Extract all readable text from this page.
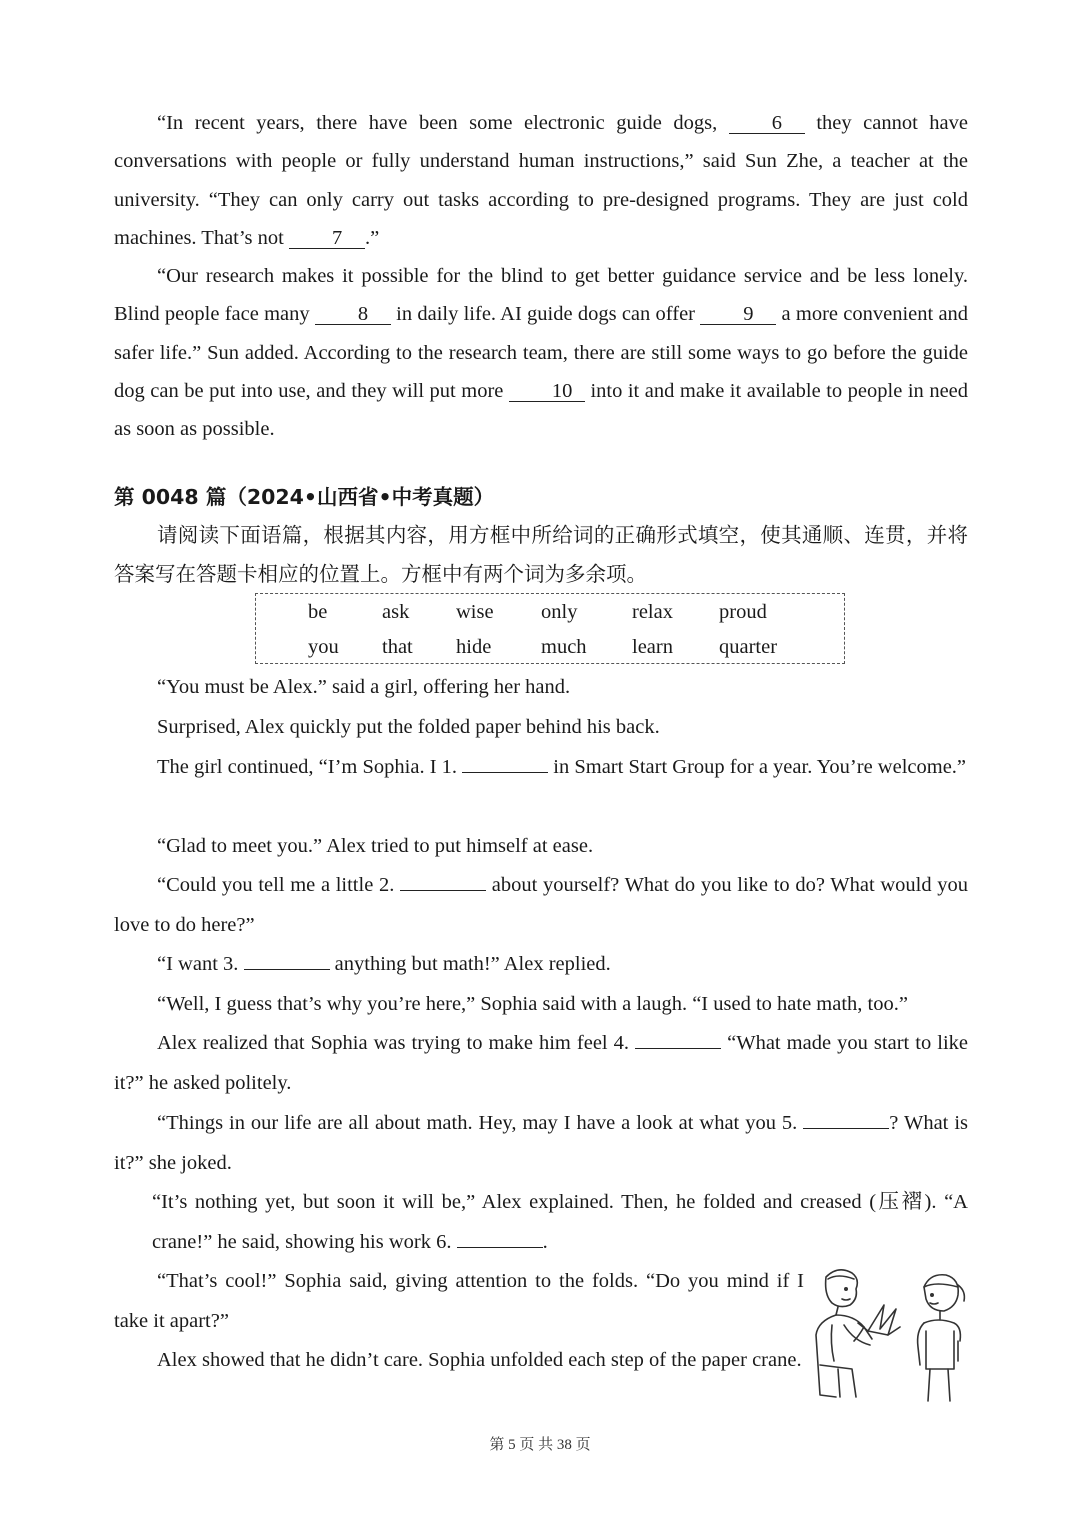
“In recent years, there have been some electronic guide dogs,	6 they cannot have conversations with people or fully understand human instructions,” said Sun Zhe, a teacher at the university. “They can only carry out tasks according to pre-designed programs. They are just cold machines. That’s not 7 .”

“Our research makes it possible for the blind to get better guidance service and be less lonely. Blind people face many 8 in daily life. AI guide dogs can offer 9 a more convenient and safer life.” Sun added. According to the research team, there are still some ways to go before the guide dog can be put into use, and they will put more 10 into it and make it available to people in need as soon as possible.

第 0048 篇（2024•山西省•中考真题）

请阅读下面语篇，根据其内容，用方框中所给词的正确形式填空，使其通顺、连贯，并将答案写在答题卡相应的位置上。方框中有两个词为多余项。

be	ask wise only	relax proud
you that hide much learn quarter

“You must be Alex.” said a girl, offering her hand.

Surprised, Alex quickly put the folded paper behind his back.

The girl continued, “I’m Sophia. I 1.	in Smart Start Group for a year. You’re welcome.”

“Glad to meet you.” Alex tried to put himself at ease.

“Could you tell me a little 2.	about yourself? What do you like to do? What would you love to do here?”

“I want 3.	anything but math!” Alex replied.

“Well, I guess that’s why you’re here,” Sophia said with a laugh. “I used to hate math, too.”

Alex realized that Sophia was trying to make him feel 4.	“What made you start to like it?” he asked politely.

“Things in our life are all about math. Hey, may I have a look at what you 5.	? What is it?” she joked.

“It’s nothing yet, but soon it will be,” Alex explained. Then, he folded and creased (压褶). “A crane!” he said, showing his work 6.	.

“That’s cool!” Sophia said, giving attention to the folds. “Do you mind if I take it apart?”

Alex showed that he didn’t care. Sophia unfolded each step of the paper crane.

第 5 页 共 38 页
